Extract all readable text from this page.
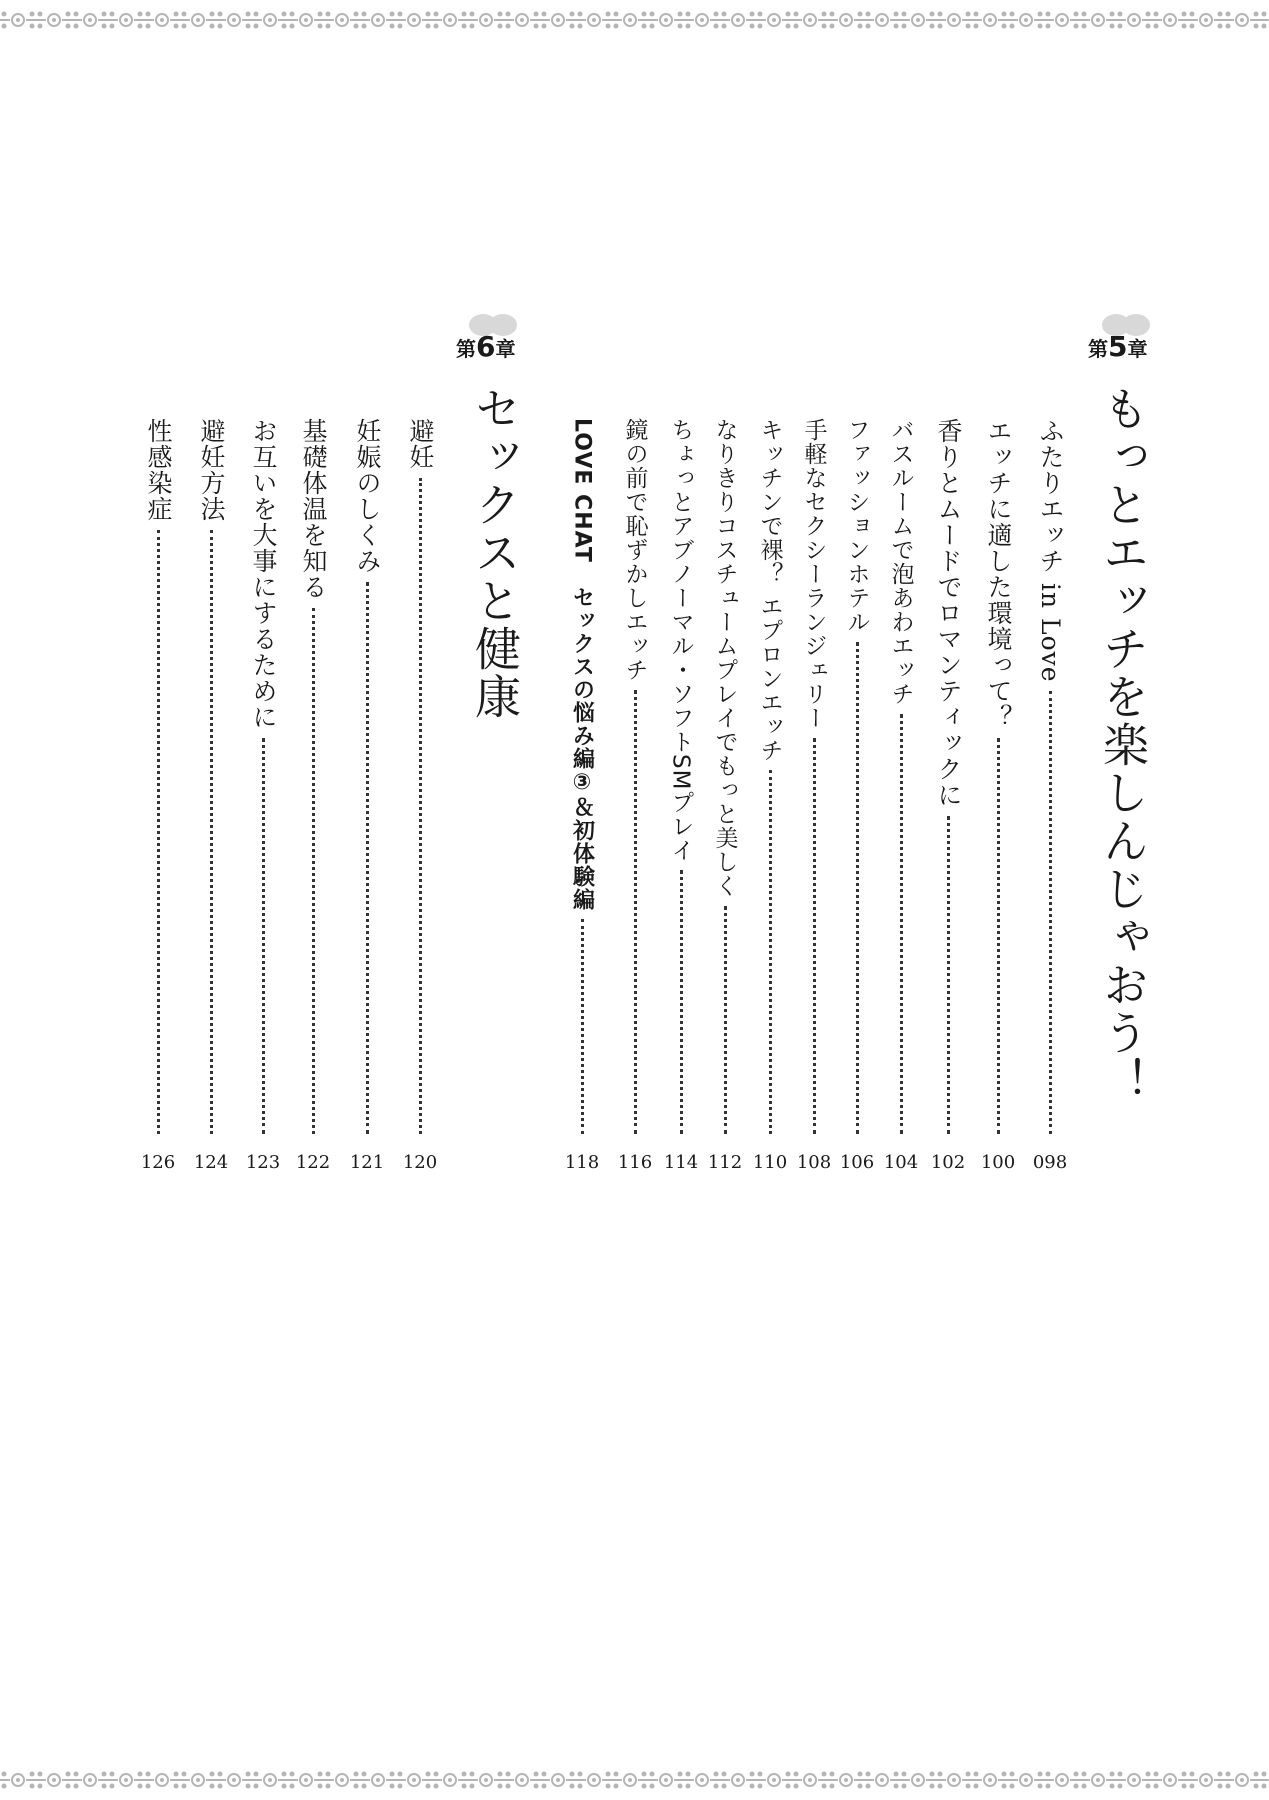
第5章
もっとエッチを楽しんじゃおう！
ふたりエッチ in Love
エッチに適した環境って？
香りとムードでロマンティックに
バスルームで泡あわエッチ
ファッションホテル
手軽なセクシーランジェリー
キッチンで裸？ エプロンエッチ
なりきりコスチュームプレイでもっと美しく
ちょっとアブノーマル・ソフトSMプレイ
鏡の前で恥ずかしエッチ
LOVE CHAT　セックスの悩み編③＆初体験編
098
100
102
104
106
108
110
112
114
116
118
第6章
セックスと健康
避妊
妊娠のしくみ
基礎体温を知る
お互いを大事にするために
避妊方法
性感染症
120
121
122
123
124
126
